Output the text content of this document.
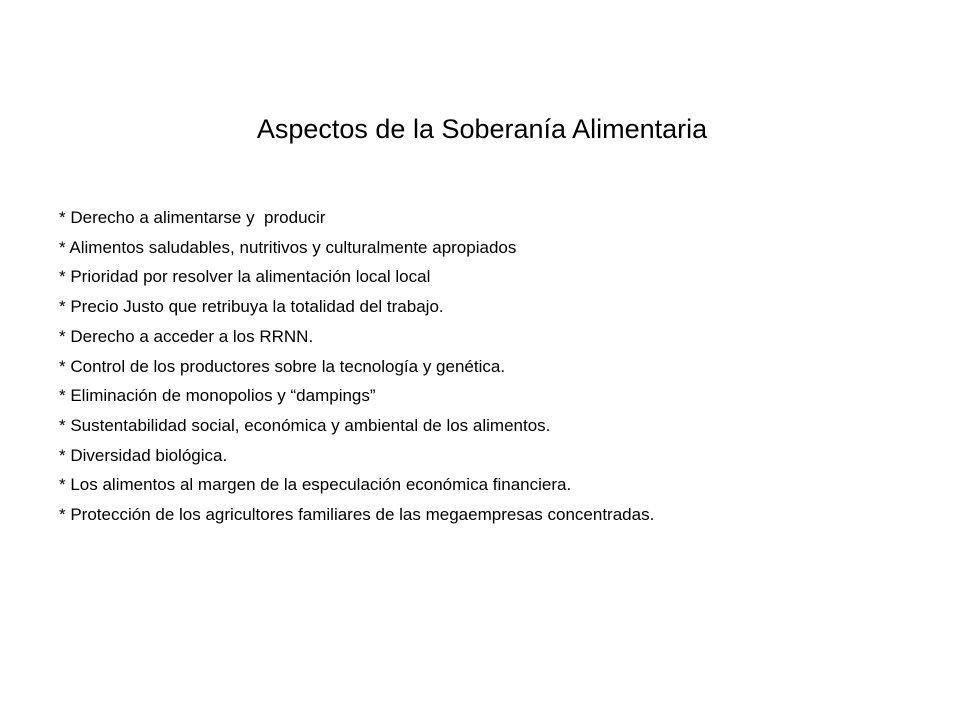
Aspectos de la Soberanía Alimentaria
* Derecho a alimentarse y  producir
* Alimentos saludables, nutritivos y culturalmente apropiados
* Prioridad por resolver la alimentación local local
* Precio Justo que retribuya la totalidad del trabajo.
* Derecho a acceder a los RRNN.
* Control de los productores sobre la tecnología y genética.
* Eliminación de monopolios y “dampings”
* Sustentabilidad social, económica y ambiental de los alimentos.
* Diversidad biológica.
* Los alimentos al margen de la especulación económica financiera.
* Protección de los agricultores familiares de las megaempresas concentradas.
